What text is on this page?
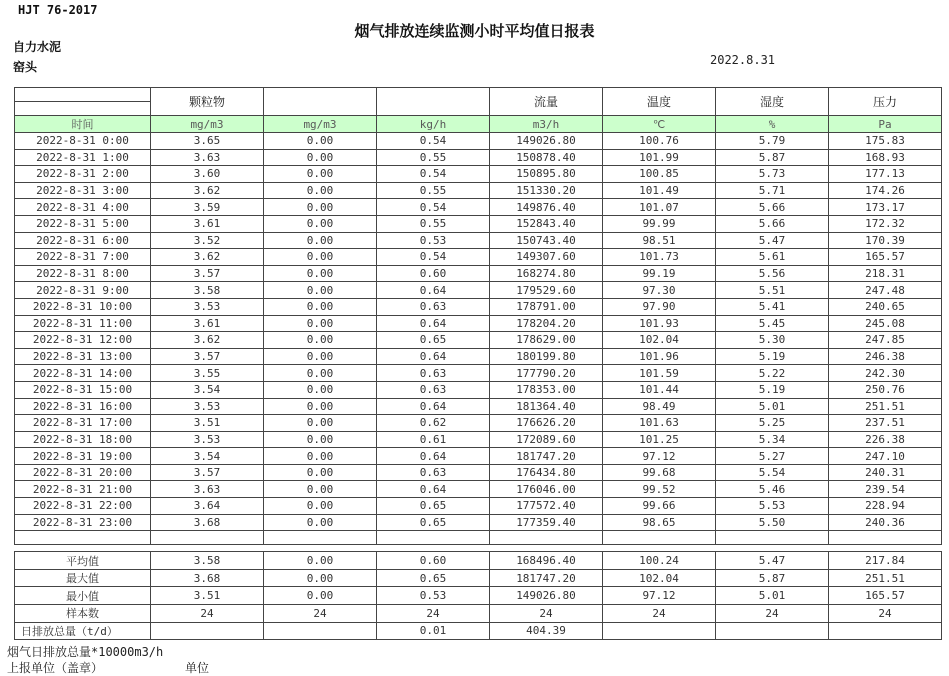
HJT 76-2017
烟气排放连续监测小时平均值日报表
自力水泥
窑头	2022.8.31
	颗粒物			流量	温度	湿度	压力

时间	mg/m3	mg/m3	kg/h	m3/h	℃	%	Pa
2022-8-31 0:00	3.65	0.00	0.54	149026.80	100.76	5.79	175.83
2022-8-31 1:00	3.63	0.00	0.55	150878.40	101.99	5.87	168.93
2022-8-31 2:00	3.60	0.00	0.54	150895.80	100.85	5.73	177.13
2022-8-31 3:00	3.62	0.00	0.55	151330.20	101.49	5.71	174.26
2022-8-31 4:00	3.59	0.00	0.54	149876.40	101.07	5.66	173.17
2022-8-31 5:00	3.61	0.00	0.55	152843.40	99.99	5.66	172.32
2022-8-31 6:00	3.52	0.00	0.53	150743.40	98.51	5.47	170.39
2022-8-31 7:00	3.62	0.00	0.54	149307.60	101.73	5.61	165.57
2022-8-31 8:00	3.57	0.00	0.60	168274.80	99.19	5.56	218.31
2022-8-31 9:00	3.58	0.00	0.64	179529.60	97.30	5.51	247.48
2022-8-31 10:00	3.53	0.00	0.63	178791.00	97.90	5.41	240.65
2022-8-31 11:00	3.61	0.00	0.64	178204.20	101.93	5.45	245.08
2022-8-31 12:00	3.62	0.00	0.65	178629.00	102.04	5.30	247.85
2022-8-31 13:00	3.57	0.00	0.64	180199.80	101.96	5.19	246.38
2022-8-31 14:00	3.55	0.00	0.63	177790.20	101.59	5.22	242.30
2022-8-31 15:00	3.54	0.00	0.63	178353.00	101.44	5.19	250.76
2022-8-31 16:00	3.53	0.00	0.64	181364.40	98.49	5.01	251.51
2022-8-31 17:00	3.51	0.00	0.62	176626.20	101.63	5.25	237.51
2022-8-31 18:00	3.53	0.00	0.61	172089.60	101.25	5.34	226.38
2022-8-31 19:00	3.54	0.00	0.64	181747.20	97.12	5.27	247.10
2022-8-31 20:00	3.57	0.00	0.63	176434.80	99.68	5.54	240.31
2022-8-31 21:00	3.63	0.00	0.64	176046.00	99.52	5.46	239.54
2022-8-31 22:00	3.64	0.00	0.65	177572.40	99.66	5.53	228.94
2022-8-31 23:00	3.68	0.00	0.65	177359.40	98.65	5.50	240.36

平均值	3.58	0.00	0.60	168496.40	100.24	5.47	217.84
最大值	3.68	0.00	0.65	181747.20	102.04	5.87	251.51
最小值	3.51	0.00	0.53	149026.80	97.12	5.01	165.57
样本数	24	24	24	24	24	24	24
日排放总量（t/d）			0.01	404.39			
烟气日排放总量*10000m3/h
上报单位（盖章）	单位
